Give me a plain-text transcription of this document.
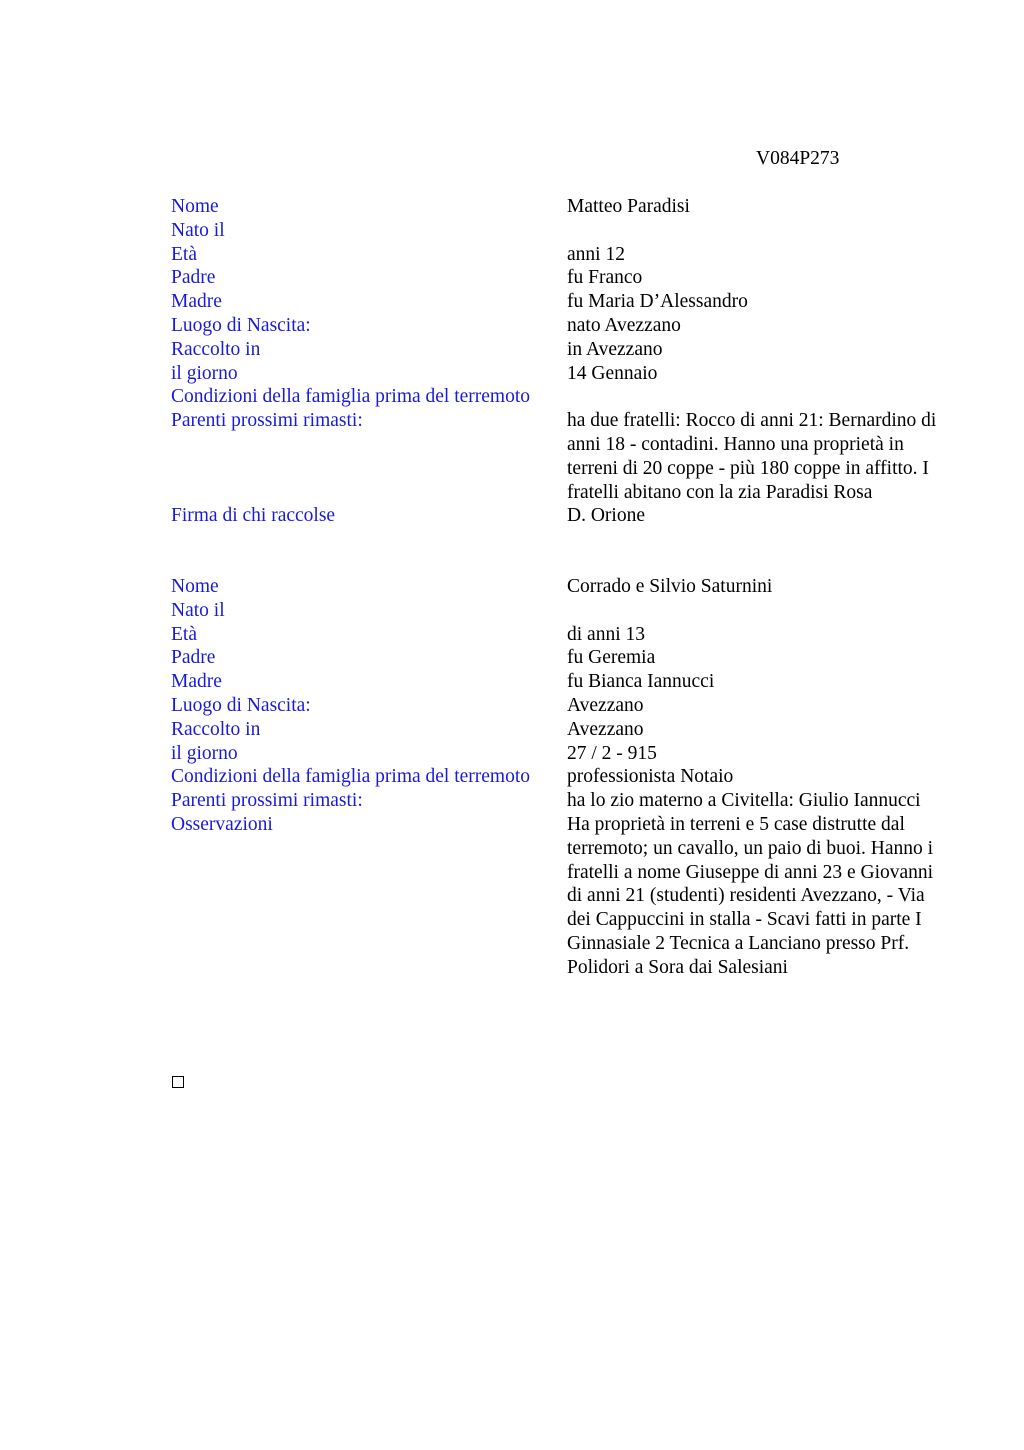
V084P273
Nome	Matteo Paradisi
Nato il

Età	anni 12
Padre	fu Franco
Madre	fu Maria D’Alessandro
Luogo di Nascita:	nato Avezzano
Raccolto in	in Avezzano
il giorno	14 Gennaio
Condizioni della famiglia prima del terremoto

Parenti prossimi rimasti:	ha due fratelli: Rocco di anni 21: Bernardino di anni 18 - contadini. Hanno una proprietà in terreni di 20 coppe - più 180 coppe in affitto. I fratelli abitano con la zia Paradisi Rosa
Firma di chi raccolse	D. Orione
Nome	Corrado e Silvio Saturnini
Nato il

Età	di anni 13
Padre	fu Geremia
Madre	fu Bianca Iannucci
Luogo di Nascita:	Avezzano
Raccolto in	Avezzano
il giorno	27 / 2 - 915
Condizioni della famiglia prima del terremoto	professionista Notaio
Parenti prossimi rimasti:	ha lo zio materno a Civitella: Giulio Iannucci
Osservazioni	Ha proprietà in terreni e 5 case distrutte dal terremoto; un cavallo, un paio di buoi. Hanno i fratelli a nome Giuseppe di anni 23 e Giovanni di anni 21 (studenti) residenti Avezzano, - Via dei Cappuccini in stalla - Scavi fatti in parte I Ginnasiale 2 Tecnica a Lanciano presso Prf. Polidori a Sora dai Salesiani
